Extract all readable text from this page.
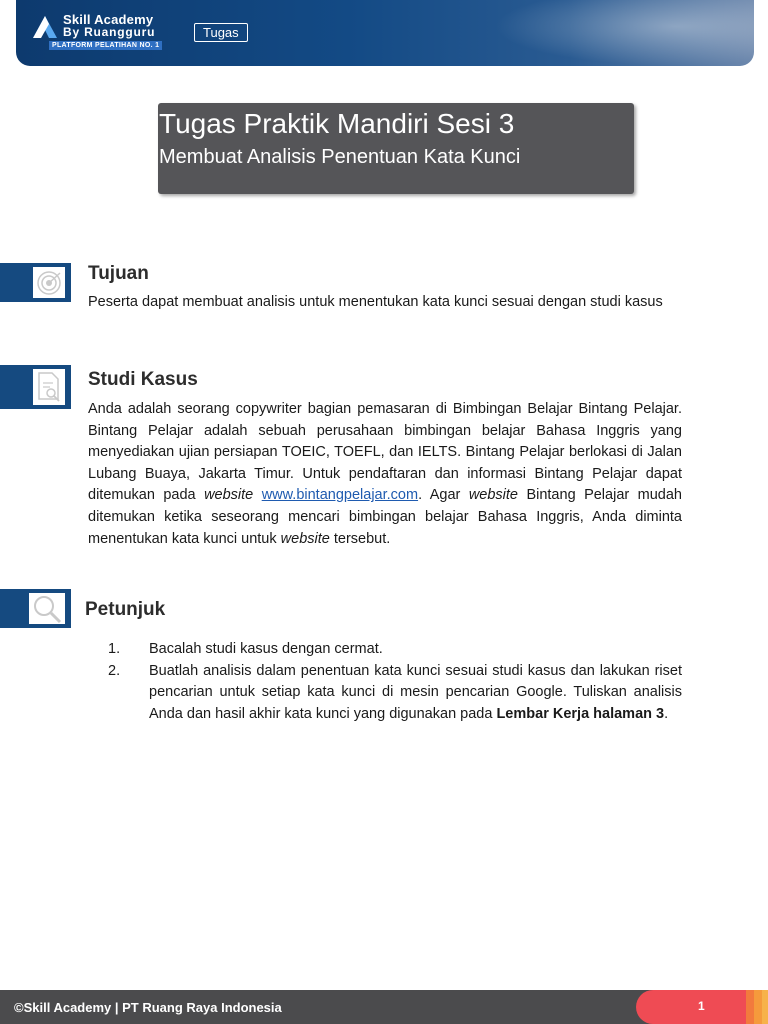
Skill Academy
By Ruangguru
PLATFORM PELATIHAN NO. 1
Tugas
Tugas Praktik Mandiri Sesi 3
Membuat Analisis Penentuan Kata Kunci
Tujuan
Peserta dapat membuat analisis untuk menentukan kata kunci sesuai dengan studi kasus
Studi Kasus
Anda adalah seorang copywriter bagian pemasaran di Bimbingan Belajar Bintang Pelajar. Bintang Pelajar adalah sebuah perusahaan bimbingan belajar Bahasa Inggris yang menyediakan ujian persiapan TOEIC, TOEFL, dan IELTS. Bintang Pelajar berlokasi di Jalan Lubang Buaya, Jakarta Timur. Untuk pendaftaran dan informasi Bintang Pelajar dapat ditemukan pada website www.bintangpelajar.com. Agar website Bintang Pelajar mudah ditemukan ketika seseorang mencari bimbingan belajar Bahasa Inggris, Anda diminta menentukan kata kunci untuk website tersebut.
Petunjuk
1. Bacalah studi kasus dengan cermat.
2. Buatlah analisis dalam penentuan kata kunci sesuai studi kasus dan lakukan riset pencarian untuk setiap kata kunci di mesin pencarian Google. Tuliskan analisis Anda dan hasil akhir kata kunci yang digunakan pada Lembar Kerja halaman 3.
©Skill Academy | PT Ruang Raya Indonesia	1
